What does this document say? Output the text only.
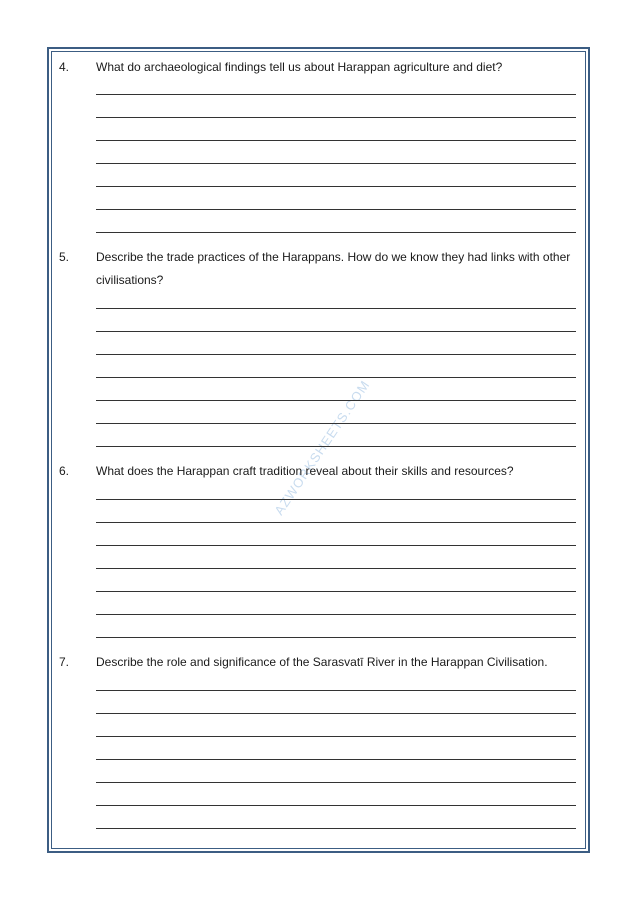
AZWORKSHEETS.COM
4. What do archaeological findings tell us about Harappan agriculture and diet?
5. Describe the trade practices of the Harappans. How do we know they had links with other civilisations?
6. What does the Harappan craft tradition reveal about their skills and resources?
7. Describe the role and significance of the Sarasvatī River in the Harappan Civilisation.
